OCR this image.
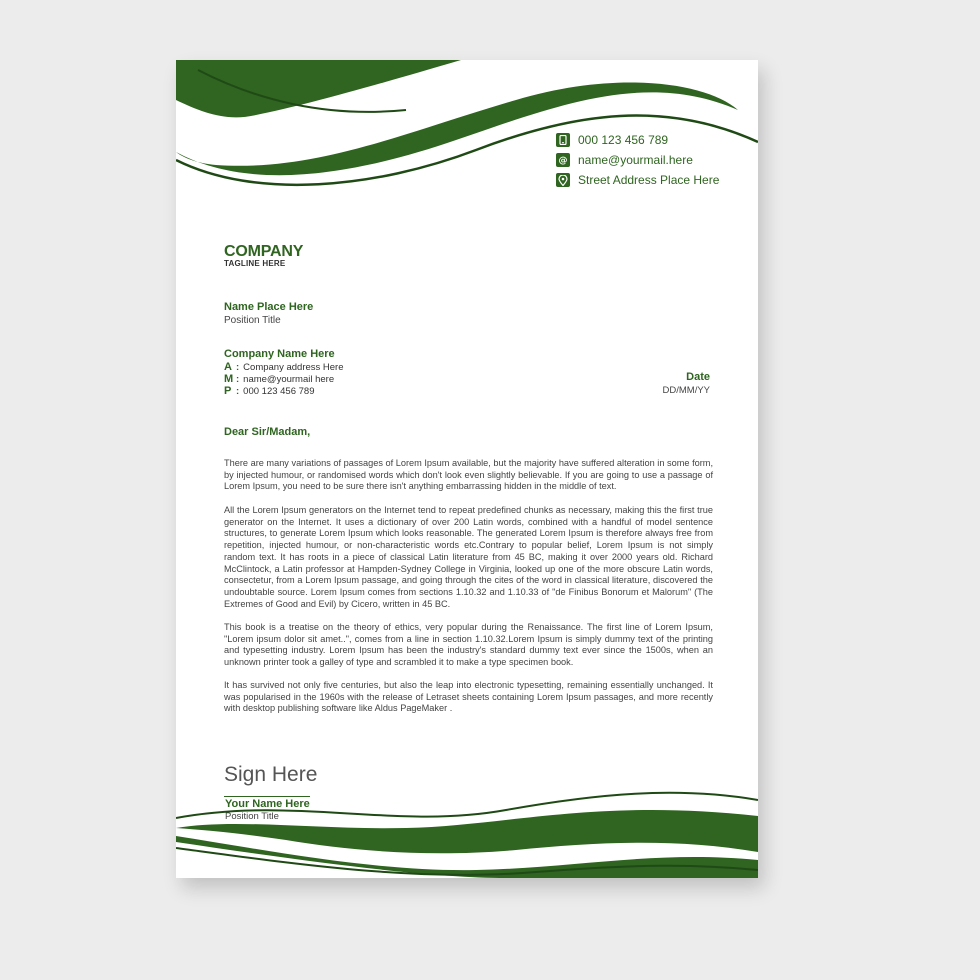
000 123 456 789
@ name@yourmail.here
Street Address Place Here
COMPANY
TAGLINE HERE
Name Place Here
Position Title
Company Name Here
A : Company address Here
M : name@yourmail here
P : 000 123 456 789
Date
DD/MM/YY
Dear Sir/Madam,

There are many variations of passages of Lorem Ipsum available, but the majority have suffered alteration in some form, by injected humour, or randomised words which don't look even slightly believable. If you are going to use a passage of Lorem Ipsum, you need to be sure there isn't anything embarrassing hidden in the middle of text.

All the Lorem Ipsum generators on the Internet tend to repeat predefined chunks as necessary, making this the first true generator on the Internet. It uses a dictionary of over 200 Latin words, combined with a handful of model sentence structures, to generate Lorem Ipsum which looks reasonable. The generated Lorem Ipsum is therefore always free from repetition, injected humour, or non-characteristic words etc.Contrary to popular belief, Lorem Ipsum is not simply random text. It has roots in a piece of classical Latin literature from 45 BC, making it over 2000 years old. Richard McClintock, a Latin professor at Hampden-Sydney College in Virginia, looked up one of the more obscure Latin words, consectetur, from a Lorem Ipsum passage, and going through the cites of the word in classical literature, discovered the undoubtable source. Lorem Ipsum comes from sections 1.10.32 and 1.10.33 of "de Finibus Bonorum et Malorum" (The Extremes of Good and Evil) by Cicero, written in 45 BC.

This book is a treatise on the theory of ethics, very popular during the Renaissance. The first line of Lorem Ipsum, "Lorem ipsum dolor sit amet..", comes from a line in section 1.10.32.Lorem Ipsum is simply dummy text of the printing and typesetting industry. Lorem Ipsum has been the industry's standard dummy text ever since the 1500s, when an unknown printer took a galley of type and scrambled it to make a type specimen book.

It has survived not only five centuries, but also the leap into electronic typesetting, remaining essentially unchanged. It was popularised in the 1960s with the release of Letraset sheets containing Lorem Ipsum passages, and more recently with desktop publishing software like Aldus PageMaker .

Sign Here
Your Name Here
Position Title
